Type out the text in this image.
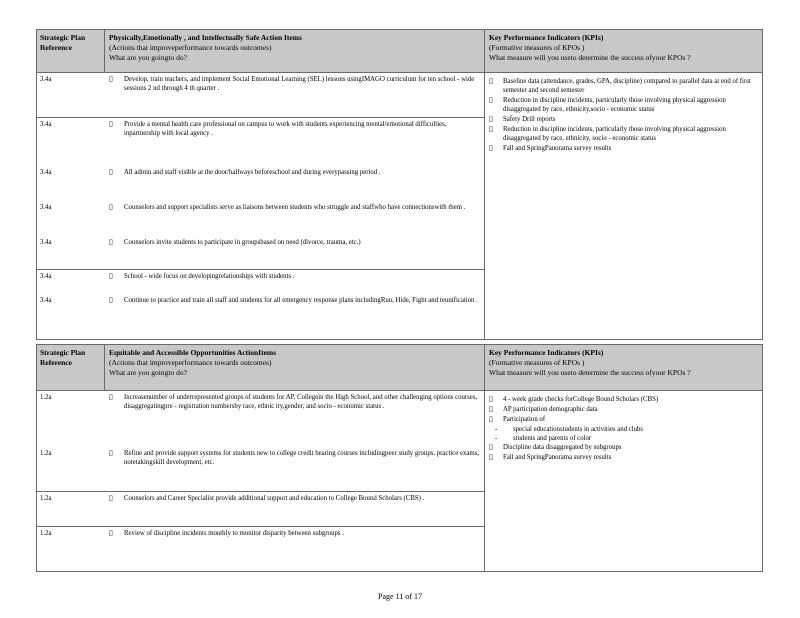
Strategic Plan Reference
Physically,Emotionally , and Intellectually Safe Action Items
(Actions that improveperformance towards outcomes)
What are you goingto do?
Key Performance Indicators (KPIs)
(Formative measures of KPOs )
What measure will you useto determine the success ofyour KPOs ?
3.4a	▯	Develop, train teachers, and implement Social Emotional Learning (SEL) lessons usingIMAGO curriculum for ten school - wide sessions 2 nd through 4 th quarter .
3.4a	▯	Provide a mental health care professional on campus to work with students experiencing mental/emotional difficulties, inpartnership with local agency .
3.4a	▯	All admin and staff visible at the door/hallways beforeschool and during everypassing period .
3.4a	▯	Counselors and support specialists serve as liaisons between students who struggle and staffwho have connectionswith them .
3.4a	▯	Counselors invite students to participate in groupsbased on need (divorce, trauma, etc.)
3.4a	▯	School - wide focus on developingrelationships with students .
3.4a	▯	Continue to practice and train all staff and students for all emergency response plans includingRun, Hide, Fight and reunification .
▯	Baseline data (attendance, grades, GPA, discipline) compared to parallel data at end of first semester and second semester
▯	Reduction in discipline incidents, particularly those involving physical aggression disaggregated by race, ethnicity,socio - economic status
▯	Safety Drill reports
▯	Reduction in discipline incidents, particularly those involving physical aggression disaggregated by race, ethnicity, socio - economic status
▯	Fall and SpringPanorama survey results
Strategic Plan Reference
Equitable and Accessible Opportunities ActionItems
(Actions that improveperformance towards outcomes)
What are you goingto do?
Key Performance Indicators (KPIs)
(Formative measures of KPOs )
What measure will you useto determine the success ofyour KPOs ?
1.2a	▯	Increasenumber of underrepresented groups of students for AP, Collegein the High School, and other challenging options courses, disaggregatingpre - registration numbersby race, ethnic ity,gender, and socio - economic status .
1.2a	▯	Refine and provide support systems for students new to college credit bearing courses includingpeer study groups, practice exams, notetakingskill development, etc.
1.2a	▯	Counselors and Career Specialist provide additional support and education to College Bound Scholars (CBS) .
1.2a	▯	Review of discipline incidents monthly to monitor disparity between subgroups .
▯	4 - week grade checks forCollege Bound Scholars (CBS)
▯	AP participation demographic data
▯	Participation of
-	special educationstudents in activities and clubs
-	students and parents of color
▯	Discipline data disaggregated by subgroups
▯	Fall and SpringPanorama survey results
Page 11 of 17
